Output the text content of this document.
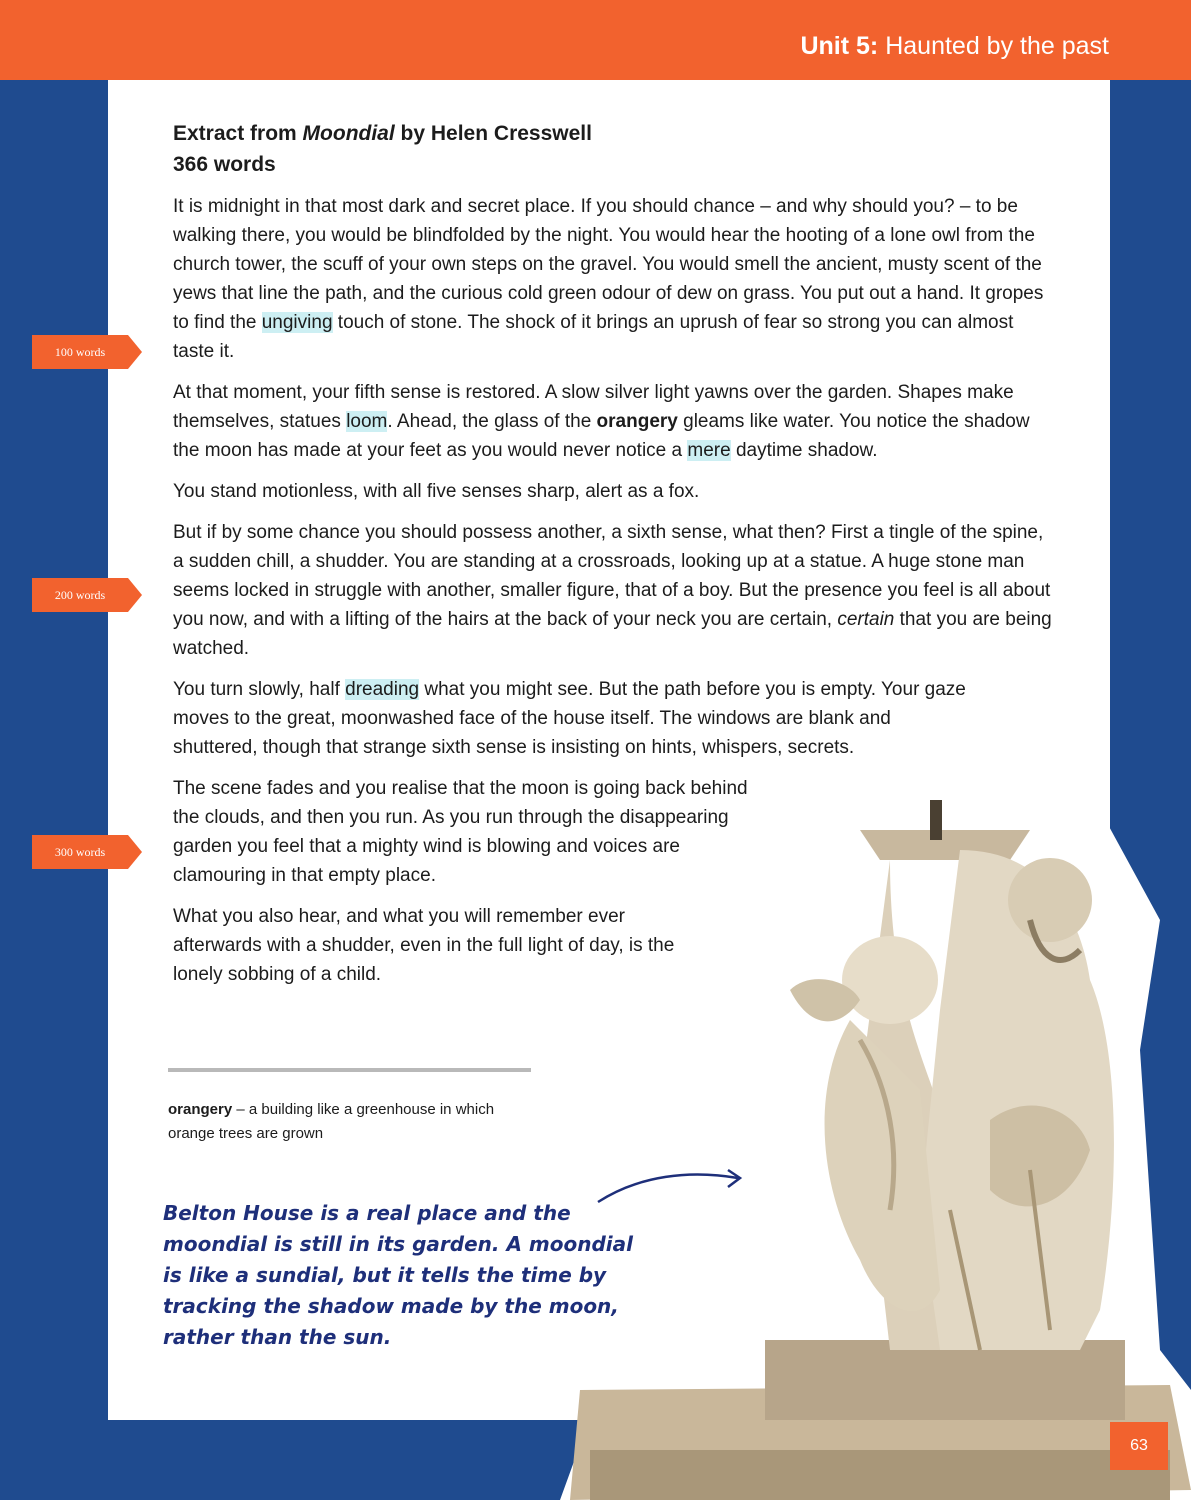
Unit 5: Haunted by the past
Extract from Moondial by Helen Cresswell
366 words

It is midnight in that most dark and secret place. If you should chance – and why should you? – to be walking there, you would be blindfolded by the night. You would hear the hooting of a lone owl from the church tower, the scuff of your own steps on the gravel. You would smell the ancient, musty scent of the yews that line the path, and the curious cold green odour of dew on grass. You put out a hand. It gropes to find the ungiving touch of stone. The shock of it brings an uprush of fear so strong you can almost taste it.

At that moment, your fifth sense is restored. A slow silver light yawns over the garden. Shapes make themselves, statues loom. Ahead, the glass of the orangery gleams like water. You notice the shadow the moon has made at your feet as you would never notice a mere daytime shadow.

You stand motionless, with all five senses sharp, alert as a fox.

But if by some chance you should possess another, a sixth sense, what then? First a tingle of the spine, a sudden chill, a shudder. You are standing at a crossroads, looking up at a statue. A huge stone man seems locked in struggle with another, smaller figure, that of a boy. But the presence you feel is all about you now, and with a lifting of the hairs at the back of your neck you are certain, certain that you are being watched.

You turn slowly, half dreading what you might see. But the path before you is empty. Your gaze moves to the great, moonwashed face of the house itself. The windows are blank and shuttered, though that strange sixth sense is insisting on hints, whispers, secrets.

The scene fades and you realise that the moon is going back behind the clouds, and then you run. As you run through the disappearing garden you feel that a mighty wind is blowing and voices are clamouring in that empty place.

What you also hear, and what you will remember ever afterwards with a shudder, even in the full light of day, is the lonely sobbing of a child.

100 words
200 words
300 words
orangery – a building like a greenhouse in which orange trees are grown
Belton House is a real place and the moondial is still in its garden. A moondial is like a sundial, but it tells the time by tracking the shadow made by the moon, rather than the sun.
63
